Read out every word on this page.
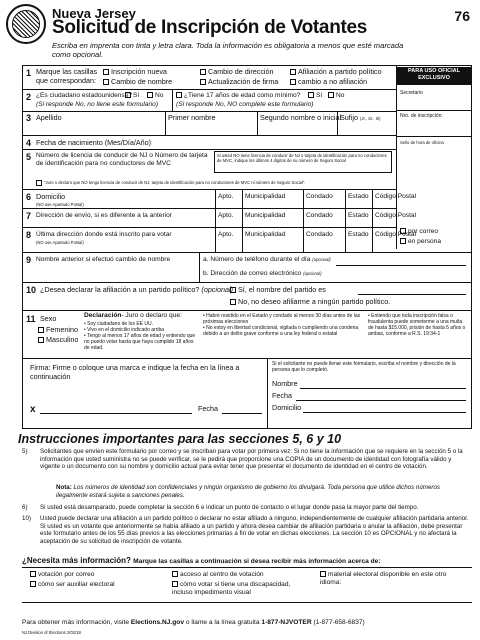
Nueva Jersey
Solicitud de Inscripción de Votantes
76
Escriba en imprenta con tinta y letra clara. Toda la información es obligatoria a menos que esté marcada como opcional.
PARA USO OFICIAL EXCLUSIVO
Secretario
Nro. de inscripción:
Sello de hora de oficina
por correo
en persona
1 Marque las casillas que correspondan:
Inscripción nueva
Cambio de nombre
Cambio de dirección
Actualización de firma
Afiliación a partido político
cambio a no afiliación
2 ¿Es ciudadano estadounidense? Sí	No
(Si responde No, no llene este formulario)
¿Tiene 17 años de edad como mínimo?	Sí	No
(Si responde No, NO complete este formulario)
3 Apellido	Primer nombre	Segundo nombre o inicial
Sufijo (Jr., Sr., III)
4 Fecha de nacimiento (Mes/Día/Año)
5 Número de licencia de conducir de NJ o Número de tarjeta de identificación para no conductores de MVC
Si usted NO tiene licencia de conducir de NJ o tarjeta de identificación para no conductores de MVC, indique los últimos 4 dígitos de su número de Seguro Social
"Juro o declaro que NO tengo licencia de conducir de NJ, tarjeta de identificación para no conductores de MVC ni número de Seguro Social".
6 Domicilio
(NO use Apartado Postal)
Apto. Municipalidad	Condado Estado Código Postal
7 Dirección de envío, si es diferente a la anterior	Apto. Municipalidad	Condado Estado Código Postal
8 Última dirección donde está inscrito para votar
(NO use Apartado Postal)
Apto. Municipalidad	Condado Estado Código Postal
9 Nombre anterior si efectuó cambio de nombre	a. Número de teléfono durante el día (opcional)
b. Dirección de correo electrónico (opcional)
10 ¿Desea declarar la afiliación a un partido político? (opcional) Sí, el nombre del partido es
No, no deseo afiliarme a ningún partido político.
11 Sexo
Femenino
Masculino
Declaración- Juro o declaro que:
• Soy ciudadano de los EE UU.
• Vivo en el domicilio indicado arriba
• Tengo al menos 17 años de edad y entiendo que no puedo votar hasta que haya cumplido 18 años de edad.
• Habré residido en el Estado y condado al menos 30 días antes de las próximas elecciones
• No estoy en libertad condicional, vigilada o cumpliendo una condena debido a un delito grave conforme a una ley federal o estatal
• Entiendo que toda inscripción falsa o fraudulenta puede someterme a una multa de hasta $15.000, prisión de hasta 5 años o ambas, conforme a R.S. 19:34-1
Firma: Firme o coloque una marca e indique la fecha en la línea a continuación
x	Fecha
Si el solicitante no puede llenar este formulario, escriba el nombre y dirección de la persona que lo completó.
Nombre
Fecha
Domicilio
Instrucciones importantes para las secciones 5, 6 y 10
5) Solicitantes que envíen este formulario por correo y se inscriban para votar por primera vez: Si no tiene la información que se requiere en la sección 5 o la información que usted suministra no se puede verificar, se le pedirá que proporcione una COPIA de un documento de identidad con fotografía válido y vigente o un documento con su nombre y domicilio actual para evitar tener que presentar el documento de identidad en el centro de votación.
Nota: Los números de identidad son confidenciales y ningún organismo de gobierno los divulgará. Toda persona que utilice dichos números ilegalmente estará sujeta a sanciones penales.
6) Si usted está desamparado, puede completar la sección 6 e indicar un punto de contacto o el lugar donde pasa la mayor parte del tiempo.
10) Usted puede declarar una afiliación a un partido político o declarar no estar afiliado a ninguno, independientemente de cualquier afiliación partidaria anterior. Si usted es un votante que anteriormente se había afiliado a un partido y ahora desea cambiar de afiliación partidaria o anular la afiliación, debe presentar este formulario antes de los 55 días previos a las elecciones primarias a fin de votar en dichas elecciones. La sección 10 es OPCIONAL y no afectará la aceptación de su solicitud de inscripción de votante.
¿Necesita más información? Marque las casillas a continuación si desea recibir más información acerca de:
votación por correo
cómo ser auxiliar electoral
acceso al centro de votación
cómo votar si tiene una discapacidad, incluso impedimento visual
material electoral disponible en este otro idioma:
Para obtener más información, visite Elections.NJ.gov o llame a la línea gratuita 1-877-NJVOTER (1-877-658-6837)
NJ Division of Elections 2/02/18
